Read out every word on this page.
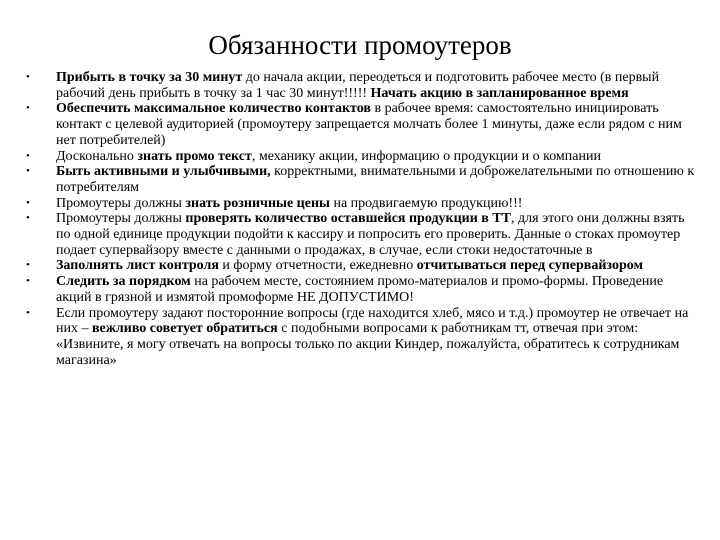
Обязанности промоутеров
• Прибыть в точку за 30 минут до начала акции, переодеться и подготовить рабочее место (в первый рабочий день прибыть в точку за 1 час 30 минут!!!!! Начать акцию в запланированное время
• Обеспечить максимальное количество контактов в рабочее время: самостоятельно инициировать контакт с целевой аудиторией (промоутеру запрещается молчать более 1 минуты, даже если рядом с ним нет потребителей)
• Досконально знать промо текст, механику акции, информацию о продукции и о компании
• Быть активными и улыбчивыми, корректными, внимательными и доброжелательными по отношению к потребителям
• Промоутеры должны знать розничные цены на продвигаемую продукцию!!!
• Промоутеры должны проверять количество оставшейся продукции в ТТ, для этого они должны взять по одной единице продукции подойти к кассиру и попросить его проверить. Данные о стоках промоутер подает супервайзору вместе с данными о продажах, в случае, если стоки недостаточные в
• Заполнять лист контроля и форму отчетности, ежедневно отчитываться перед супервайзором
• Следить за порядком на рабочем месте, состоянием промо-материалов и промо-формы. Проведение акций в грязной и измятой промоформе НЕ ДОПУСТИМО!
• Если промоутеру задают посторонние вопросы (где находится хлеб, мясо и т.д.) промоутер не отвечает на них – вежливо советует обратиться с подобными вопросами к работникам тт, отвечая при этом: «Извините, я могу отвечать на вопросы только по акции Киндер, пожалуйста, обратитесь к сотрудникам магазина»
